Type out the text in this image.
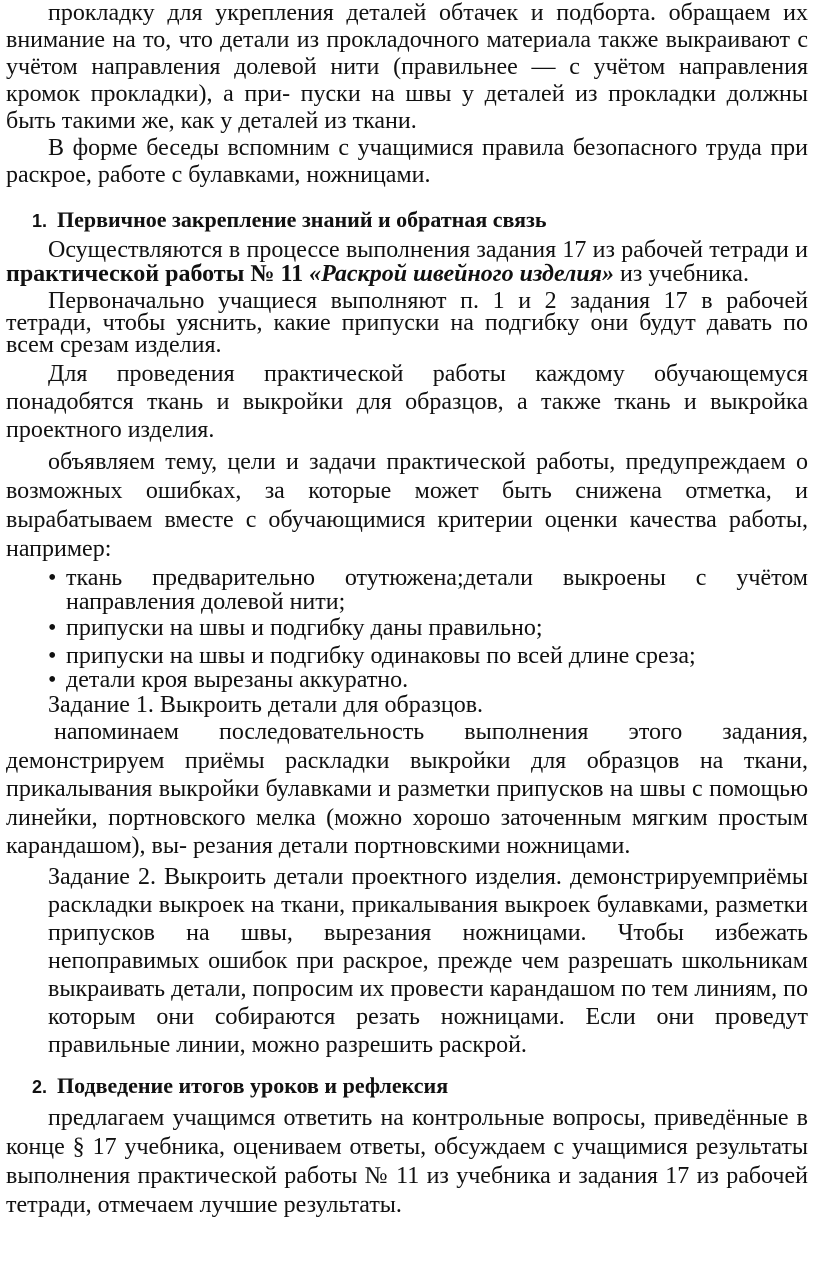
прокладку для укрепления деталей обтачек и подборта. обращаем их внимание на то, что детали из прокладочного материала также выкраивают с учётом направления долевой нити (правильнее — с учётом направления кромок прокладки), а при- пуски на швы у деталей из прокладки должны быть такими же, как у деталей из ткани.

В форме беседы вспомним с учащимися правила безопасного труда при раскрое, работе с булавками, ножницами.

1. Первичное закрепление знаний и обратная связь

Осуществляются в процессе выполнения задания 17 из рабочей тетради и практической работы № 11 «Раскрой швейного изделия» из учебника.

Первоначально учащиеся выполняют п. 1 и 2 задания 17 в рабочей тетради, чтобы уяснить, какие припуски на подгибку они будут давать по всем срезам изделия.

Для проведения практической работы каждому обучающемуся понадобятся ткань и выкройки для образцов, а также ткань и выкройка проектного изделия.

объявляем тему, цели и задачи практической работы, предупреждаем о возможных ошибках, за которые может быть снижена отметка, и вырабатываем вместе с обучающимися критерии оценки качества работы, например:

• ткань предварительно отутюжена;детали выкроены с учётом направления долевой нити;
• припуски на швы и подгибку даны правильно;
• припуски на швы и подгибку одинаковы по всей длине среза;
• детали кроя вырезаны аккуратно.

Задание 1. Выкроить детали для образцов.

напоминаем последовательность выполнения этого задания, демонстрируем приёмы раскладки выкройки для образцов на ткани, прикалывания выкройки булавками и разметки припусков на швы с помощью линейки, портновского мелка (можно хорошо заточенным мягким простым карандашом), вы- резания детали портновскими ножницами.

Задание 2. Выкроить детали проектного изделия. демонстрируемприёмы раскладки выкроек на ткани, прикалывания выкроек булавками, разметки припусков на швы, вырезания ножницами. Чтобы избежать непоправимых ошибок при раскрое, прежде чем разрешать школьникам выкраивать детали, попросим их провести карандашом по тем линиям, по которым они собираются резать ножницами. Если они проведут правильные линии, можно разрешить раскрой.

2. Подведение итогов уроков и рефлексия

предлагаем учащимся ответить на контрольные вопросы, приведённые в конце § 17 учебника, оцениваем ответы, обсуждаем с учащимися результаты выполнения практической работы № 11 из учебника и задания 17 из рабочей тетради, отмечаем лучшие результаты.
